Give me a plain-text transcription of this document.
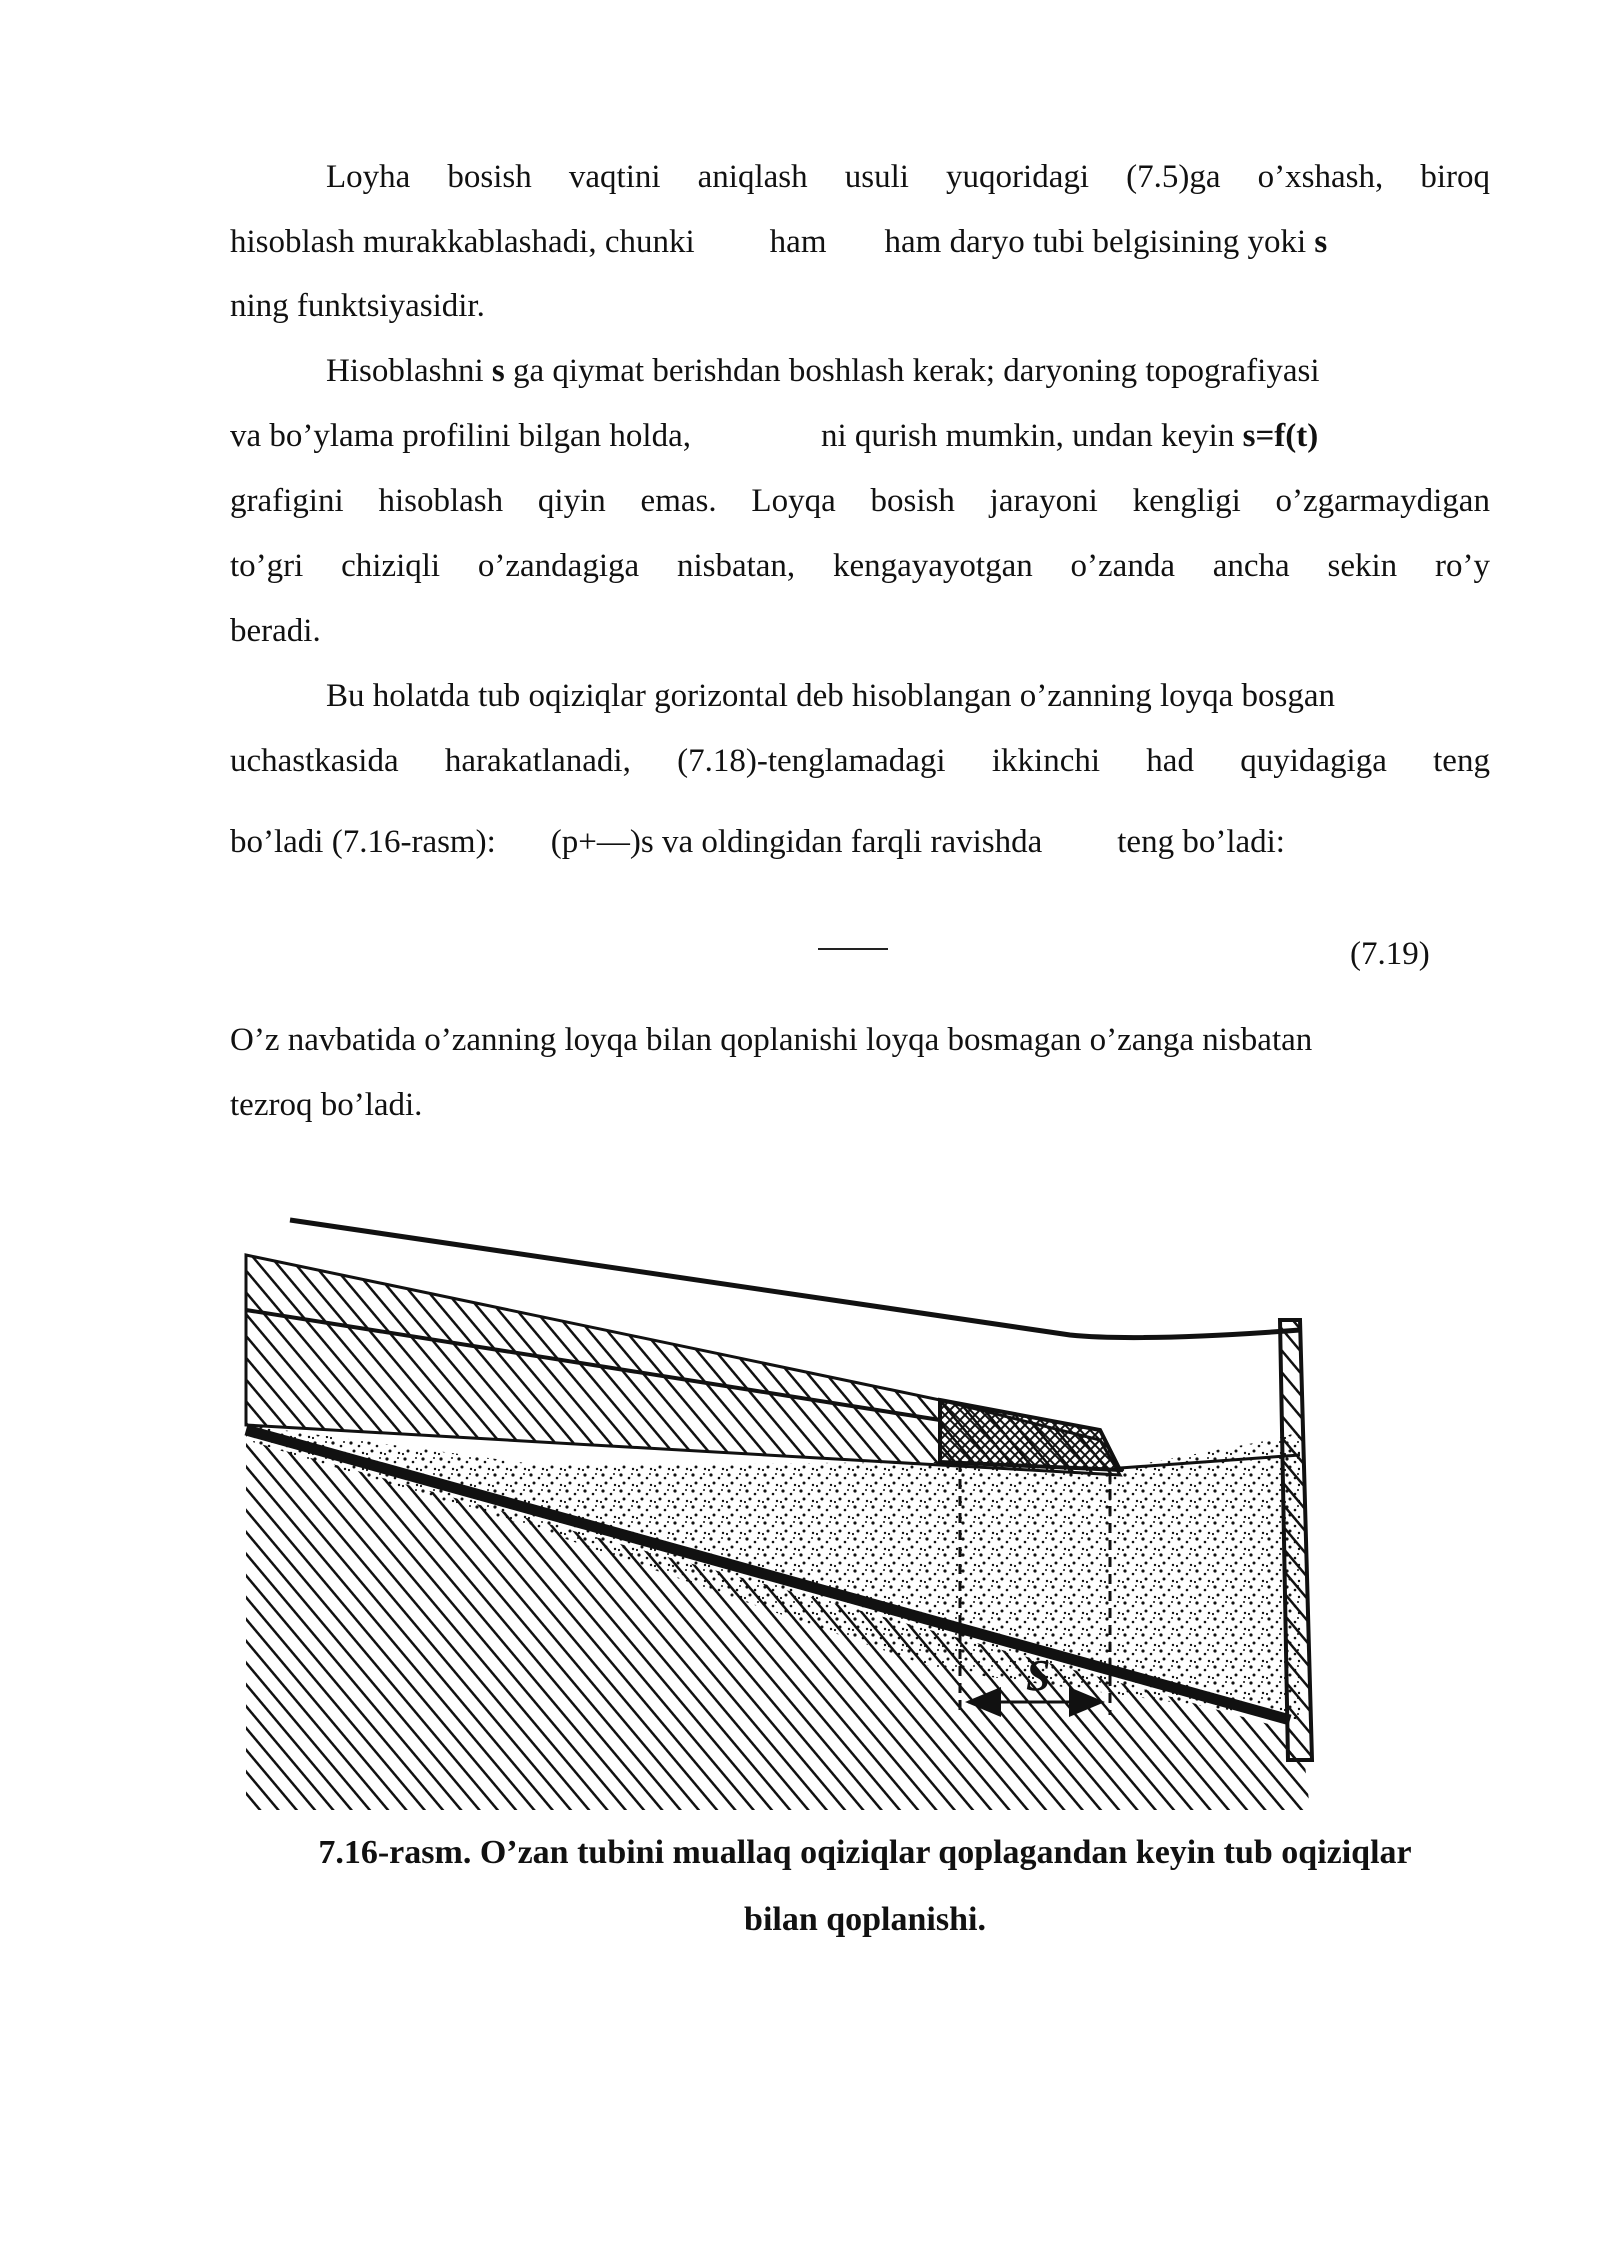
Loyha bosish vaqtini aniqlash usuli yuqoridagi (7.5)ga o’xshash, biroq
hisoblash murakkablashadi, chunki ham ham daryo tubi belgisining yoki s
ning funktsiyasidir.
Hisoblashni s ga qiymat berishdan boshlash kerak; daryoning topografiyasi
va bo’ylama profilini bilgan holda,	ni qurish mumkin, undan keyin s=f(t)
grafigini hisoblash qiyin emas. Loyqa bosish jarayoni kengligi o’zgarmaydigan
to’gri chiziqli o’zandagiga nisbatan, kengayayotgan o’zanda ancha sekin ro’y
beradi.
Bu holatda tub oqiziqlar gorizontal deb hisoblangan o’zanning loyqa bosgan
uchastkasida harakatlanadi, (7.18)-tenglamadagi ikkinchi had quyidagiga teng
bo’ladi (7.16-rasm): (p+—)s va oldingidan farqli ravishda teng bo’ladi:
(7.19)
O’z navbatida o’zanning loyqa bilan qoplanishi loyqa bosmagan o’zanga nisbatan
tezroq bo’ladi.
S
7.16-rasm. O’zan tubini muallaq oqiziqlar qoplagandan keyin tub oqiziqlar
bilan qoplanishi.
